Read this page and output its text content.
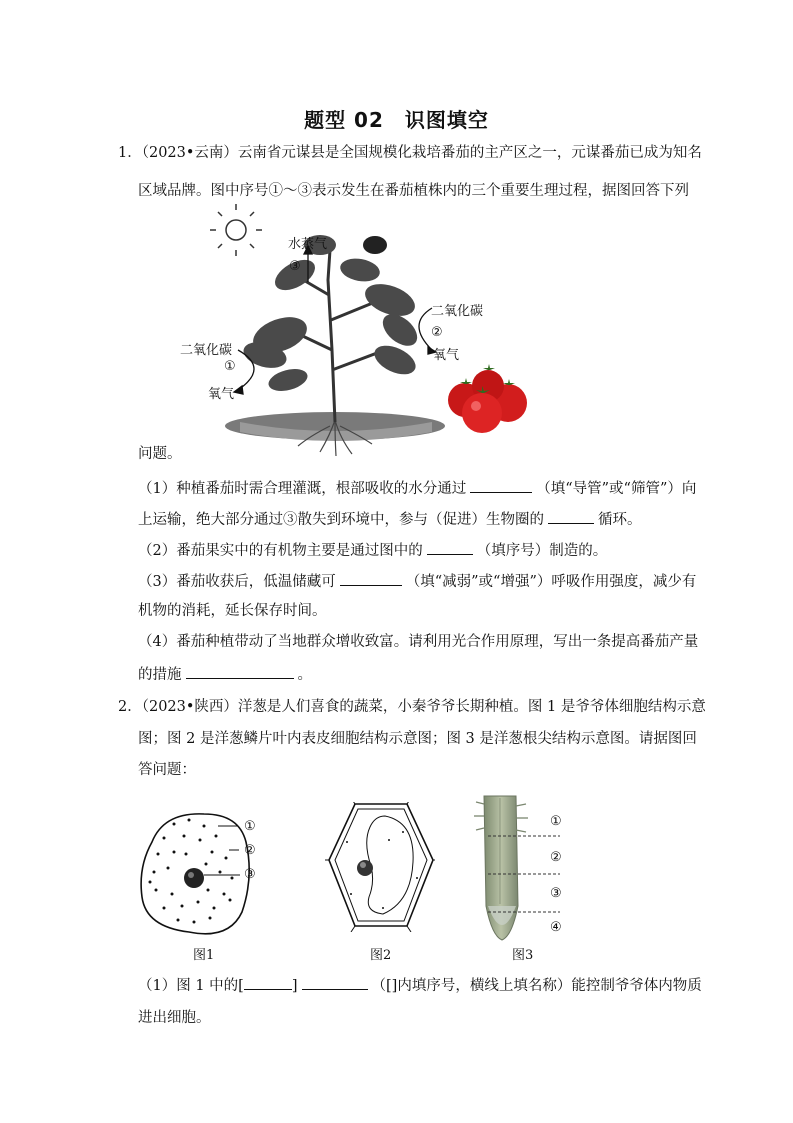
题型 02　识图填空
1．（2023•云南）云南省元谋县是全国规模化栽培番茄的主产区之一，元谋番茄已成为知名
区域品牌。图中序号①～③表示发生在番茄植株内的三个重要生理过程，据图回答下列
水蒸气
③
二氧化碳
②
氧气
二氧化碳
①
氧气
问题。
（1）种植番茄时需合理灌溉，根部吸收的水分通过	（填“导管”或“筛管”）向
上运输，绝大部分通过③散失到环境中，参与（促进）生物圈的	循环。
（2）番茄果实中的有机物主要是通过图中的	（填序号）制造的。
（3）番茄收获后，低温储藏可	（填“减弱”或“增强”）呼吸作用强度，减少有
机物的消耗，延长保存时间。
（4）番茄种植带动了当地群众增收致富。请利用光合作用原理，写出一条提高番茄产量
的措施	。
2．（2023•陕西）洋葱是人们喜食的蔬菜，小秦爷爷长期种植。图 1 是爷爷体细胞结构示意
图；图 2 是洋葱鳞片叶内表皮细胞结构示意图；图 3 是洋葱根尖结构示意图。请据图回
答问题：
①
②
③
图1	图2
①
②
③
④
图3
（1）图 1 中的[	]	（[]内填序号，横线上填名称）能控制爷爷体内物质
进出细胞。
